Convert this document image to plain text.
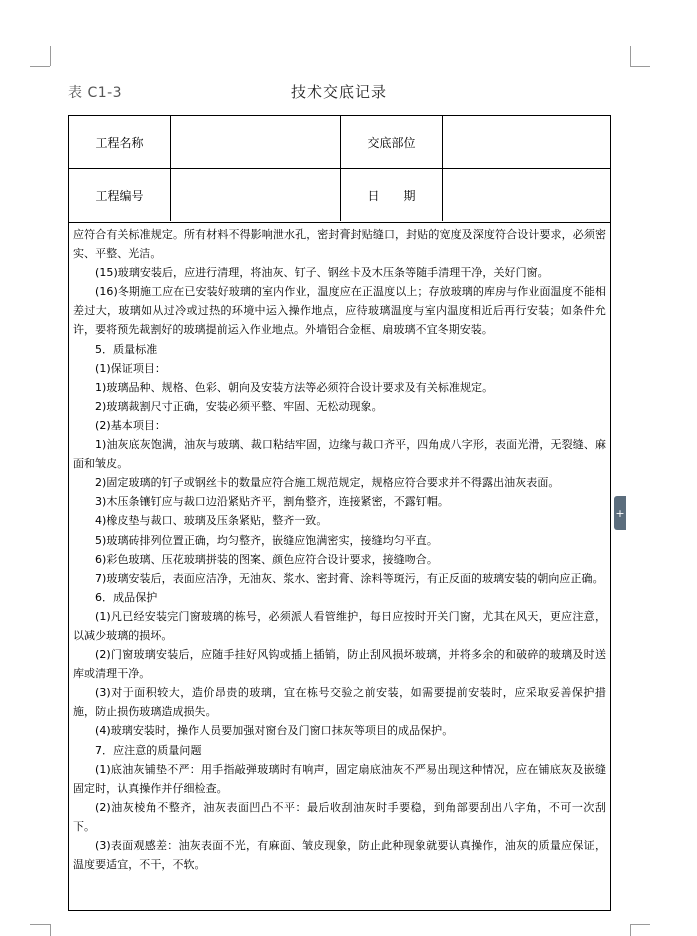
表 C1-3	技术交底记录
工程名称	交底部位
工程编号	日　　期

应符合有关标准规定。所有材料不得影响泄水孔，密封膏封贴缝口，封贴的宽度及深度符合设计要求，必须密实、平整、光洁。

(15)玻璃安装后，应进行清理，将油灰、钉子、钢丝卡及木压条等随手清理干净，关好门窗。

(16)冬期施工应在已安装好玻璃的室内作业，温度应在正温度以上；存放玻璃的库房与作业面温度不能相差过大，玻璃如从过冷或过热的环境中运入操作地点，应待玻璃温度与室内温度相近后再行安装；如条件允许，要将预先裁割好的玻璃提前运入作业地点。外墙铝合金框、扇玻璃不宜冬期安装。

5．质量标准

(1)保证项目：

1)玻璃品种、规格、色彩、朝向及安装方法等必须符合设计要求及有关标准规定。

2)玻璃裁割尺寸正确，安装必须平整、牢固、无松动现象。

(2)基本项目：

1)油灰底灰饱满，油灰与玻璃、裁口粘结牢固，边缘与裁口齐平，四角成八字形，表面光滑，无裂缝、麻面和皱皮。

2)固定玻璃的钉子或钢丝卡的数量应符合施工规范规定，规格应符合要求并不得露出油灰表面。

3)木压条镶钉应与裁口边沿紧贴齐平，割角整齐，连接紧密，不露钉帽。

4)橡皮垫与裁口、玻璃及压条紧贴，整齐一致。

5)玻璃砖排列位置正确，均匀整齐，嵌缝应饱满密实，接缝均匀平直。

6)彩色玻璃、压花玻璃拼装的图案、颜色应符合设计要求，接缝吻合。

7)玻璃安装后，表面应洁净，无油灰、浆水、密封膏、涂料等斑污，有正反面的玻璃安装的朝向应正确。

6．成品保护

(1)凡已经安装完门窗玻璃的栋号，必须派人看管维护，每日应按时开关门窗，尤其在风天，更应注意，以减少玻璃的损坏。

(2)门窗玻璃安装后，应随手挂好风钩或插上插销，防止刮风损坏玻璃，并将多余的和破碎的玻璃及时送库或清理干净。

(3)对于面积较大，造价昂贵的玻璃，宜在栋号交验之前安装，如需要提前安装时，应采取妥善保护措施，防止损伤玻璃造成损失。

(4)玻璃安装时，操作人员要加强对窗台及门窗口抹灰等项目的成品保护。

7．应注意的质量问题

(1)底油灰铺垫不严：用手指敲弹玻璃时有响声，固定扇底油灰不严易出现这种情况，应在铺底灰及嵌缝固定时，认真操作并仔细检查。

(2)油灰棱角不整齐，油灰表面凹凸不平：最后收刮油灰时手要稳，到角部要刮出八字角，不可一次刮下。

(3)表面观感差：油灰表面不光，有麻面、皱皮现象，防止此种现象就要认真操作，油灰的质量应保证，温度要适宜，不干，不软。

+
